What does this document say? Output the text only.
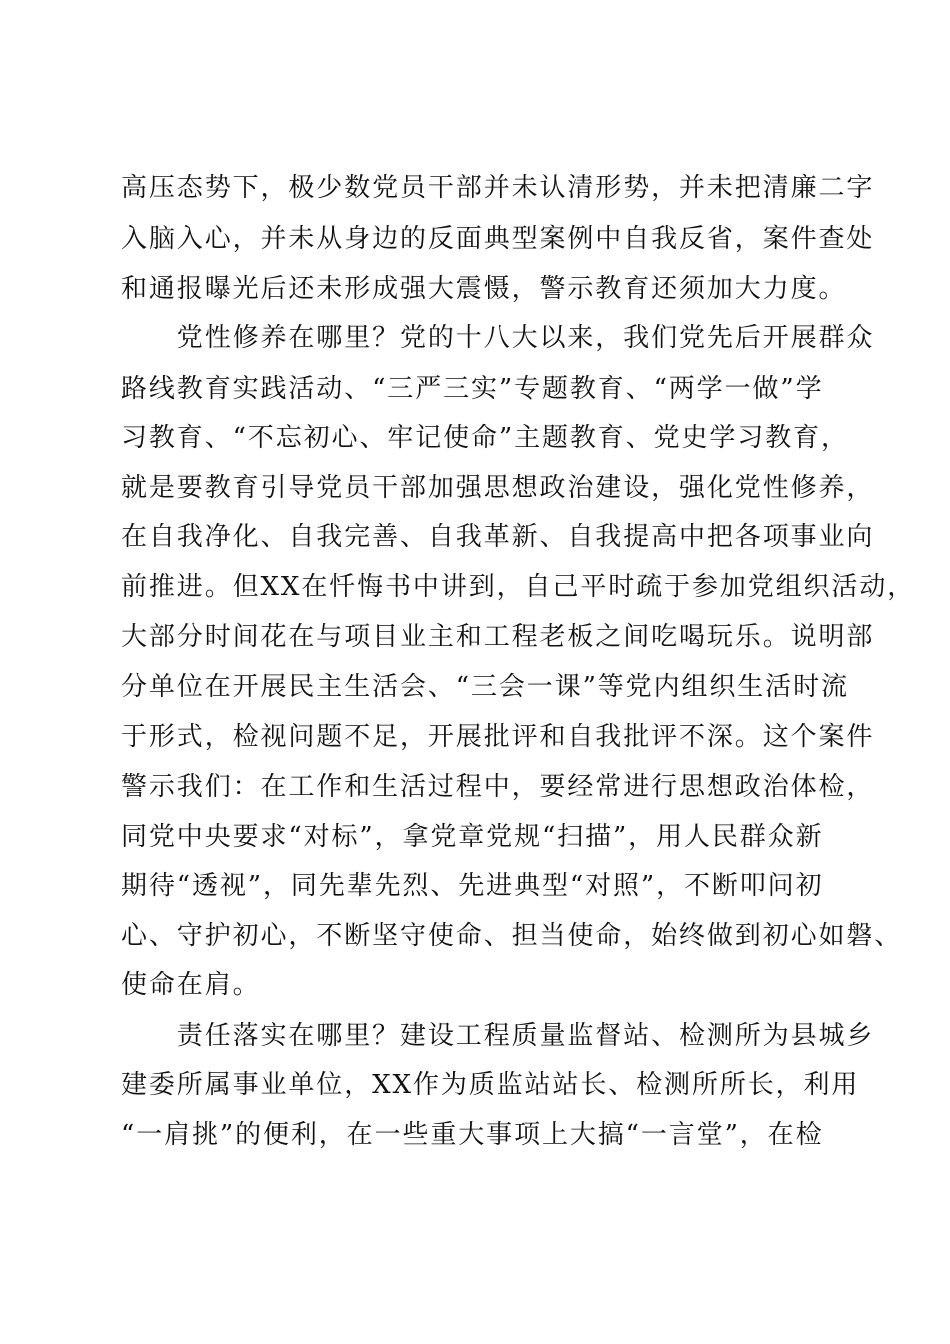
高压态势下，极少数党员干部并未认清形势，并未把清廉二字
入脑入心，并未从身边的反面典型案例中自我反省，案件查处
和通报曝光后还未形成强大震慑，警示教育还须加大力度。
　　党性修养在哪里？党的十八大以来，我们党先后开展群众
路线教育实践活动、“三严三实”专题教育、“两学一做”学
习教育、“不忘初心、牢记使命”主题教育、党史学习教育，
就是要教育引导党员干部加强思想政治建设，强化党性修养，
在自我净化、自我完善、自我革新、自我提高中把各项事业向
前推进。但XX在忏悔书中讲到，自己平时疏于参加党组织活动，
大部分时间花在与项目业主和工程老板之间吃喝玩乐。说明部
分单位在开展民主生活会、“三会一课”等党内组织生活时流
于形式，检视问题不足，开展批评和自我批评不深。这个案件
警示我们：在工作和生活过程中，要经常进行思想政治体检，
同党中央要求“对标”，拿党章党规“扫描”，用人民群众新
期待“透视”，同先辈先烈、先进典型“对照”，不断叩问初
心、守护初心，不断坚守使命、担当使命，始终做到初心如磐、
使命在肩。
　　责任落实在哪里？建设工程质量监督站、检测所为县城乡
建委所属事业单位，XX作为质监站站长、检测所所长，利用
“一肩挑”的便利，在一些重大事项上大搞“一言堂”，在检
